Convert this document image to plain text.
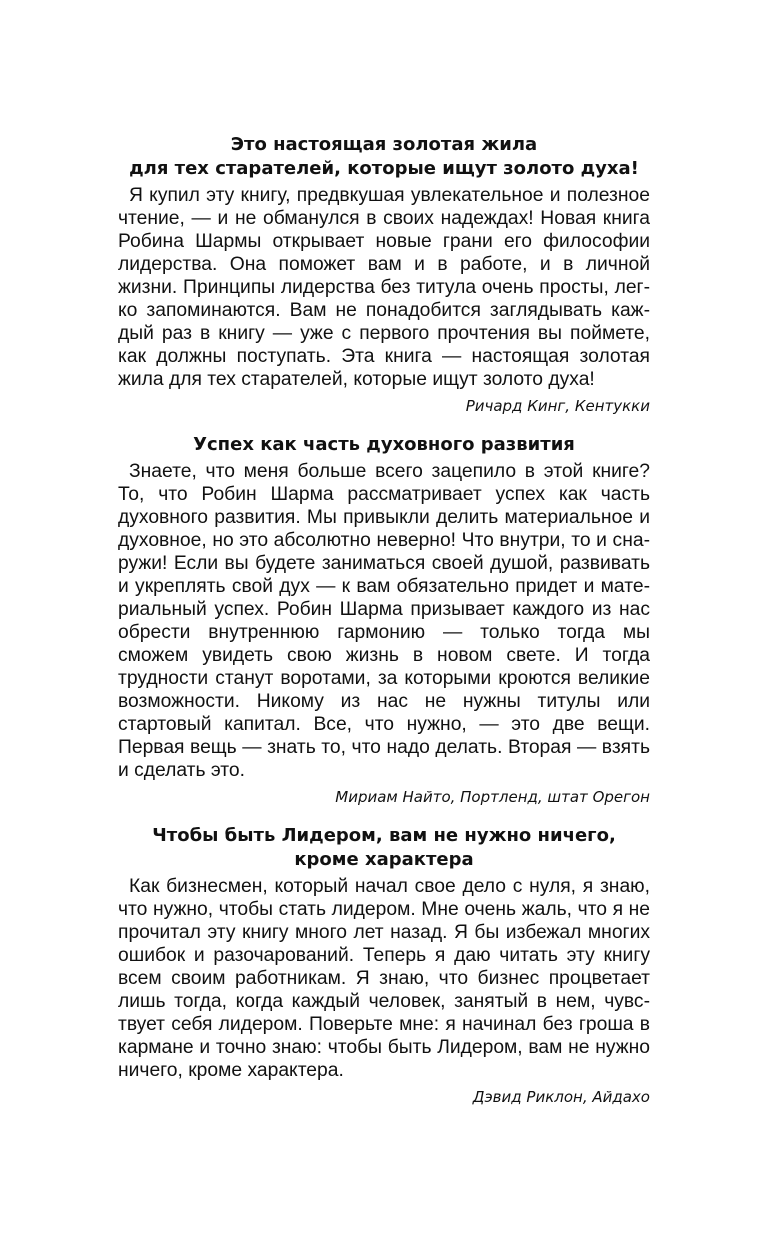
Это настоящая золотая жила
для тех старателей, которые ищут золото духа!

Я купил эту книгу, предвкушая увлекательное и полезное чтение, — и не обманулся в своих надеждах! Новая книга Робина Шармы открывает новые грани его философии лидерства. Она поможет вам и в работе, и в личной жизни. Принципы лидерства без титула очень просты, легко запоминаются. Вам не понадобится заглядывать каждый раз в книгу — уже с первого прочтения вы поймете, как должны поступать. Эта книга — настоящая золотая жила для тех старателей, которые ищут золото духа!

Ричард Кинг, Кентукки

Успех как часть духовного развития

Знаете, что меня больше всего зацепило в этой книге? То, что Робин Шарма рассматривает успех как часть духовного развития. Мы привыкли делить материальное и духовное, но это абсолютно неверно! Что внутри, то и снаружи! Если вы будете заниматься своей душой, развивать и укреплять свой дух — к вам обязательно придет и материальный успех. Робин Шарма призывает каждого из нас обрести внутреннюю гармонию — только тогда мы сможем увидеть свою жизнь в новом свете. И тогда трудности станут воротами, за которыми кроются великие возможности. Никому из нас не нужны титулы или стартовый капитал. Все, что нужно, — это две вещи. Первая вещь — знать то, что надо делать. Вторая — взять и сделать это.

Мириам Найто, Портленд, штат Орегон

Чтобы быть Лидером, вам не нужно ничего,
кроме характера

Как бизнесмен, который начал свое дело с нуля, я знаю, что нужно, чтобы стать лидером. Мне очень жаль, что я не прочитал эту книгу много лет назад. Я бы избежал многих ошибок и разочарований. Теперь я даю читать эту книгу всем своим работникам. Я знаю, что бизнес процветает лишь тогда, когда каждый человек, занятый в нем, чувствует себя лидером. Поверьте мне: я начинал без гроша в кармане и точно знаю: чтобы быть Лидером, вам не нужно ничего, кроме характера.

Дэвид Риклон, Айдахо
